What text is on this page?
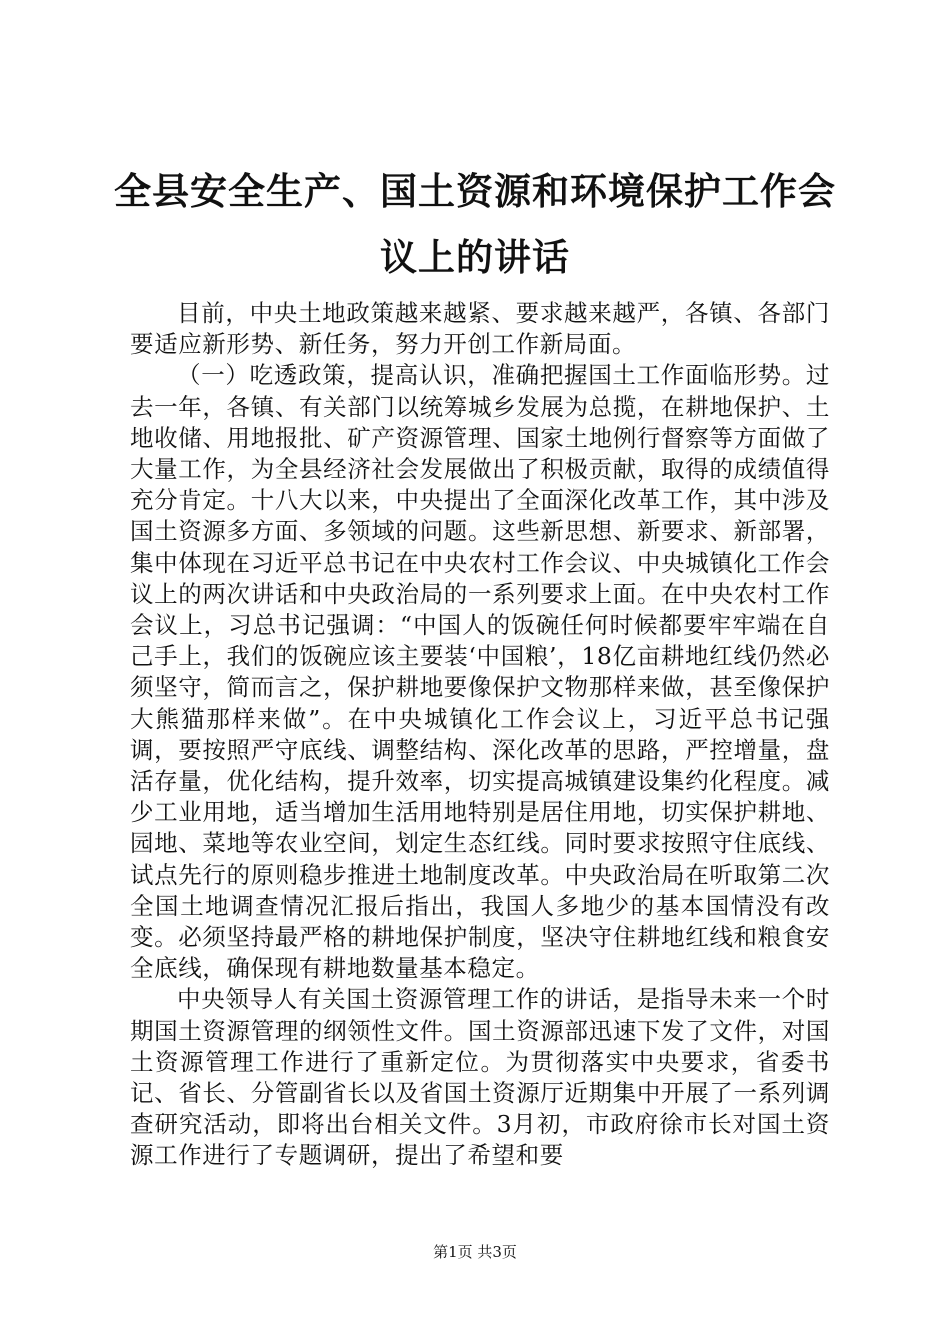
全县安全生产、国土资源和环境保护工作会议上的讲话

目前，中央土地政策越来越紧、要求越来越严，各镇、各部门要适应新形势、新任务，努力开创工作新局面。

（一）吃透政策，提高认识，准确把握国土工作面临形势。过去一年，各镇、有关部门以统筹城乡发展为总揽，在耕地保护、土地收储、用地报批、矿产资源管理、国家土地例行督察等方面做了大量工作，为全县经济社会发展做出了积极贡献，取得的成绩值得充分肯定。十八大以来，中央提出了全面深化改革工作，其中涉及国土资源多方面、多领域的问题。这些新思想、新要求、新部署，集中体现在习近平总书记在中央农村工作会议、中央城镇化工作会议上的两次讲话和中央政治局的一系列要求上面。在中央农村工作会议上，习总书记强调：“中国人的饭碗任何时候都要牢牢端在自己手上，我们的饭碗应该主要装‘中国粮’，18亿亩耕地红线仍然必须坚守，简而言之，保护耕地要像保护文物那样来做，甚至像保护大熊猫那样来做”。在中央城镇化工作会议上，习近平总书记强调，要按照严守底线、调整结构、深化改革的思路，严控增量，盘活存量，优化结构，提升效率，切实提高城镇建设集约化程度。减少工业用地，适当增加生活用地特别是居住用地，切实保护耕地、园地、菜地等农业空间，划定生态红线。同时要求按照守住底线、试点先行的原则稳步推进土地制度改革。中央政治局在听取第二次全国土地调查情况汇报后指出，我国人多地少的基本国情没有改变。必须坚持最严格的耕地保护制度，坚决守住耕地红线和粮食安全底线，确保现有耕地数量基本稳定。

中央领导人有关国土资源管理工作的讲话，是指导未来一个时期国土资源管理的纲领性文件。国土资源部迅速下发了文件，对国土资源管理工作进行了重新定位。为贯彻落实中央要求，省委书记、省长、分管副省长以及省国土资源厅近期集中开展了一系列调查研究活动，即将出台相关文件。3月初，市政府徐市长对国土资源工作进行了专题调研，提出了希望和要

第1页 共3页
